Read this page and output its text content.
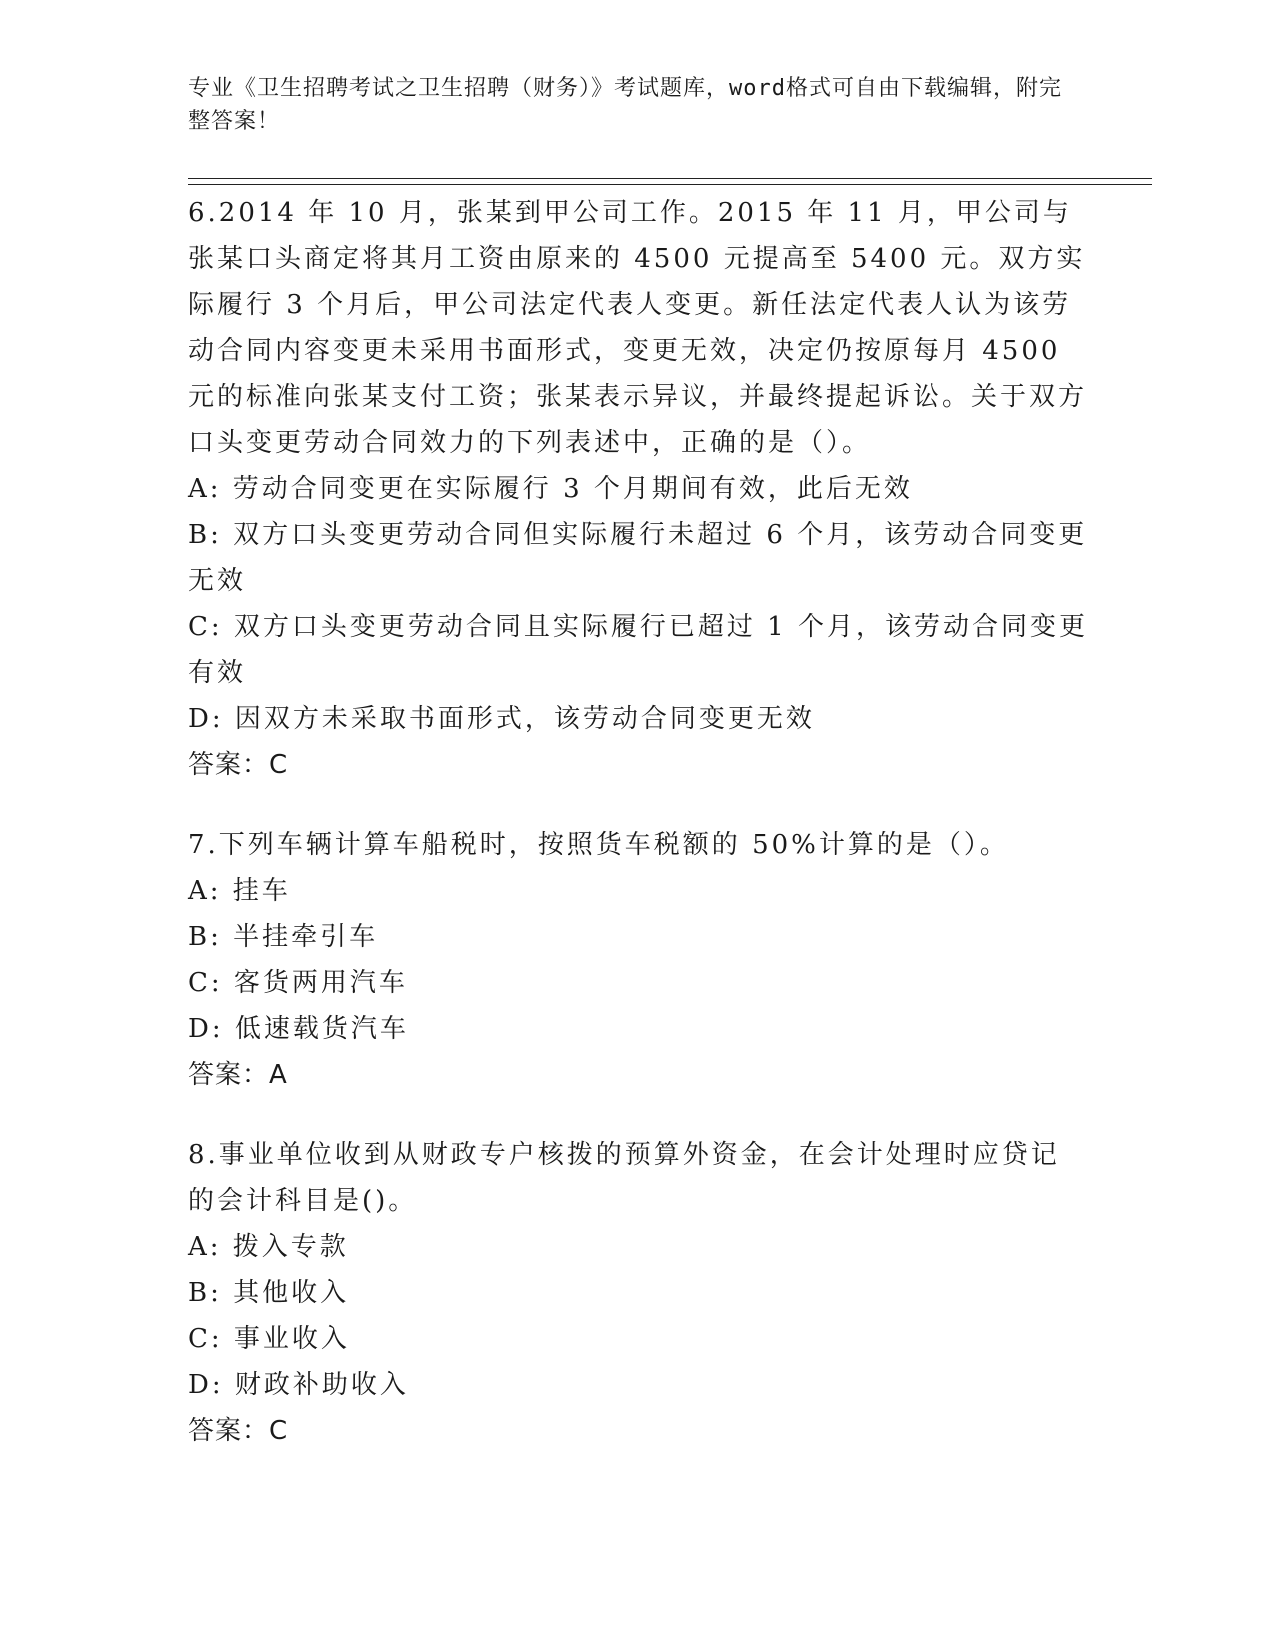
专业《卫生招聘考试之卫生招聘（财务）》考试题库，word格式可自由下载编辑，附完整答案！

6.2014 年 10 月，张某到甲公司工作。2015 年 11 月，甲公司与张某口头商定将其月工资由原来的 4500 元提高至 5400 元。双方实际履行 3 个月后，甲公司法定代表人变更。新任法定代表人认为该劳动合同内容变更未采用书面形式，变更无效，决定仍按原每月 4500 元的标准向张某支付工资；张某表示异议，并最终提起诉讼。关于双方口头变更劳动合同效力的下列表述中，正确的是（）。

A: 劳动合同变更在实际履行 3 个月期间有效，此后无效

B: 双方口头变更劳动合同但实际履行未超过 6 个月，该劳动合同变更无效

C: 双方口头变更劳动合同且实际履行已超过 1 个月，该劳动合同变更有效

D: 因双方未采取书面形式，该劳动合同变更无效

答案：C

7.下列车辆计算车船税时，按照货车税额的 50%计算的是（）。

A: 挂车

B: 半挂牵引车

C: 客货两用汽车

D: 低速载货汽车

答案：A

8.事业单位收到从财政专户核拨的预算外资金，在会计处理时应贷记的会计科目是()。

A: 拨入专款

B: 其他收入

C: 事业收入

D: 财政补助收入

答案：C
